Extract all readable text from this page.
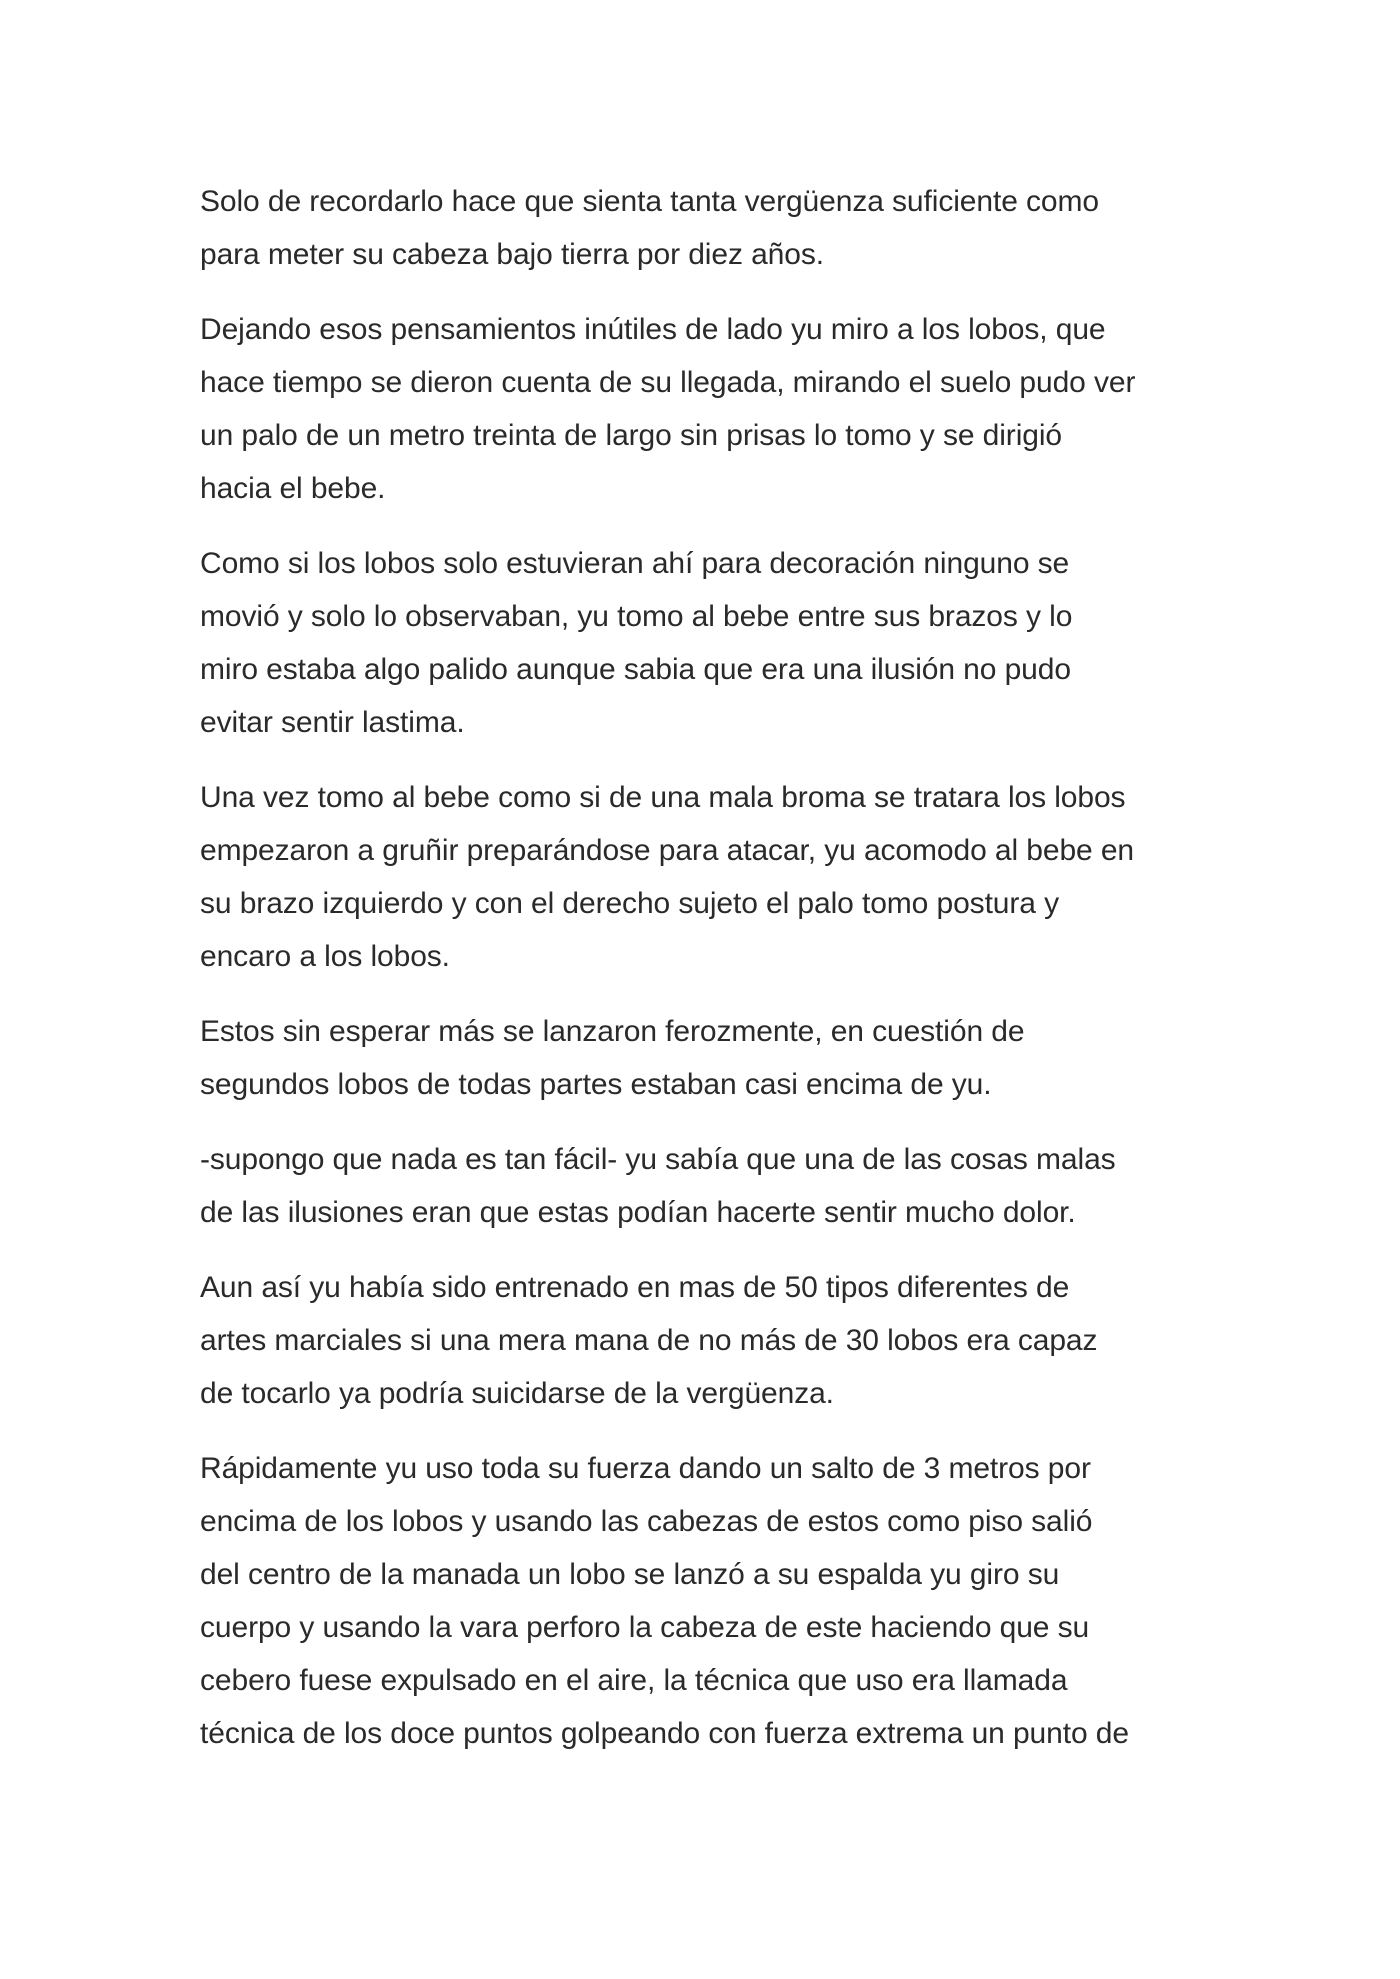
Solo de recordarlo hace que sienta tanta vergüenza suficiente como
para meter su cabeza bajo tierra por diez años.

Dejando esos pensamientos inútiles de lado yu miro a los lobos, que
hace tiempo se dieron cuenta de su llegada, mirando el suelo pudo ver
un palo de un metro treinta de largo sin prisas lo tomo y se dirigió
hacia el bebe.

Como si los lobos solo estuvieran ahí para decoración ninguno se
movió y solo lo observaban, yu tomo al bebe entre sus brazos y lo
miro estaba algo palido aunque sabia que era una ilusión no pudo
evitar sentir lastima.

Una vez tomo al bebe como si de una mala broma se tratara los lobos
empezaron a gruñir preparándose para atacar, yu acomodo al bebe en
su brazo izquierdo y con el derecho sujeto el palo tomo postura y
encaro a los lobos.

Estos sin esperar más se lanzaron ferozmente, en cuestión de
segundos lobos de todas partes estaban casi encima de yu.

-supongo que nada es tan fácil- yu sabía que una de las cosas malas
de las ilusiones eran que estas podían hacerte sentir mucho dolor.

Aun así yu había sido entrenado en mas de 50 tipos diferentes de
artes marciales si una mera mana de no más de 30 lobos era capaz
de tocarlo ya podría suicidarse de la vergüenza.

Rápidamente yu uso toda su fuerza dando un salto de 3 metros por
encima de los lobos y usando las cabezas de estos como piso salió
del centro de la manada un lobo se lanzó a su espalda yu giro su
cuerpo y usando la vara perforo la cabeza de este haciendo que su
cebero fuese expulsado en el aire, la técnica que uso era llamada
técnica de los doce puntos golpeando con fuerza extrema un punto de
